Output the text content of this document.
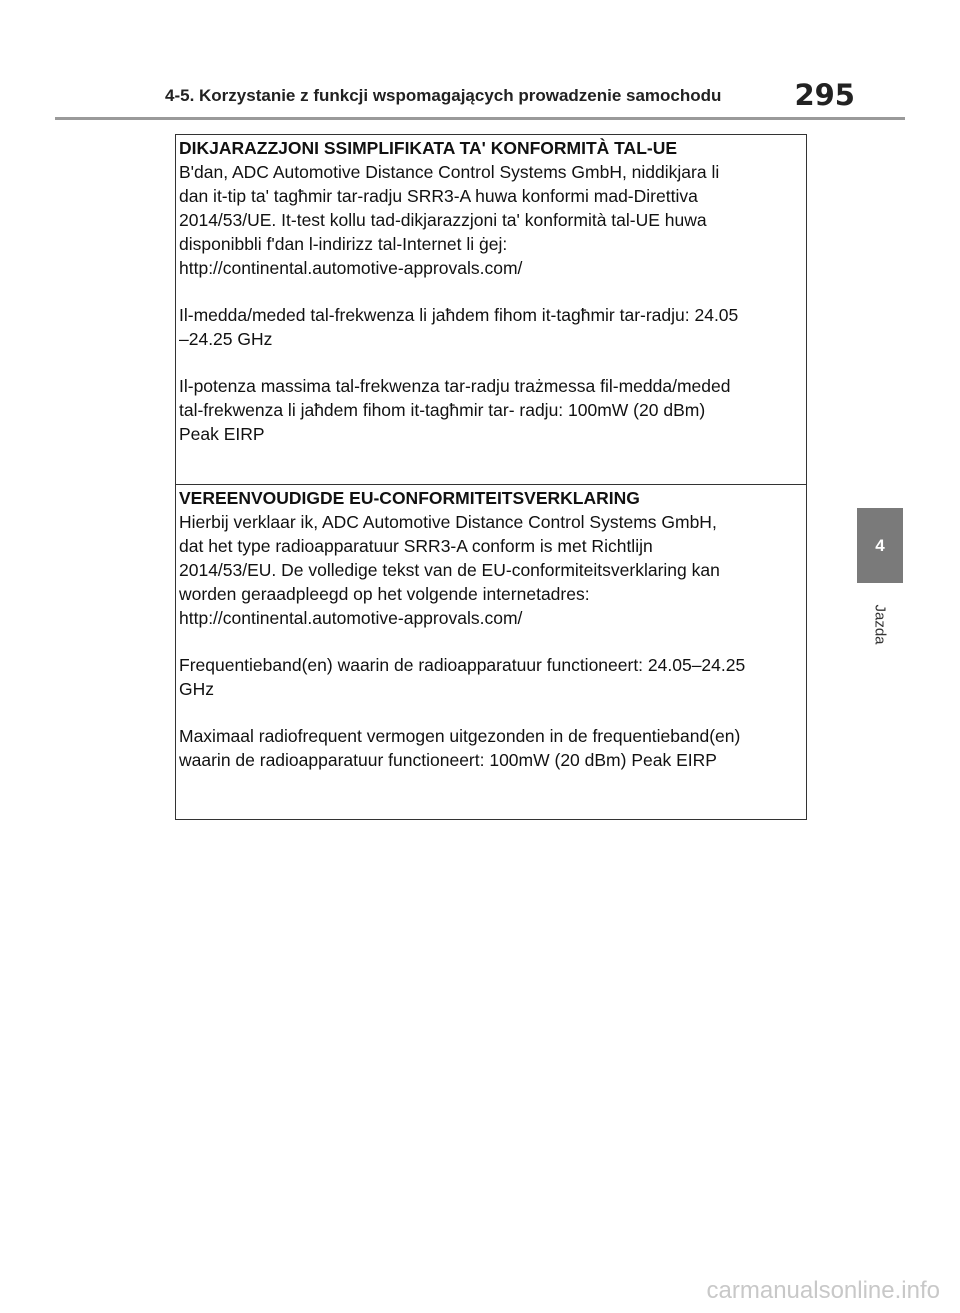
4-5. Korzystanie z funkcji wspomagających prowadzenie samochodu	295
4
Jazda
DIKJARAZZJONI SSIMPLIFIKATA TA' KONFORMITÀ TAL-UE

B'dan, ADC Automotive Distance Control Systems GmbH, niddikjara li
dan it-tip ta' tagħmir tar-radju SRR3-A huwa konformi mad-Direttiva
2014/53/UE. It-test kollu tad-dikjarazzjoni ta' konformità tal-UE huwa
disponibbli f'dan l-indirizz tal-Internet li ġej:
http://continental.automotive-approvals.com/

Il-medda/meded tal-frekwenza li jaħdem fihom it-tagħmir tar-radju: 24.05
–24.25 GHz

Il-potenza massima tal-frekwenza tar-radju trażmessa fil-medda/meded
tal-frekwenza li jaħdem fihom it-tagħmir tar- radju: 100mW (20 dBm)
Peak EIRP

VEREENVOUDIGDE EU-CONFORMITEITSVERKLARING

Hierbij verklaar ik, ADC Automotive Distance Control Systems GmbH,
dat het type radioapparatuur SRR3-A conform is met Richtlijn
2014/53/EU. De volledige tekst van de EU-conformiteitsverklaring kan
worden geraadpleegd op het volgende internetadres:
http://continental.automotive-approvals.com/

Frequentieband(en) waarin de radioapparatuur functioneert: 24.05–24.25
GHz

Maximaal radiofrequent vermogen uitgezonden in de frequentieband(en)
waarin de radioapparatuur functioneert: 100mW (20 dBm) Peak EIRP

carmanualsonline.info
